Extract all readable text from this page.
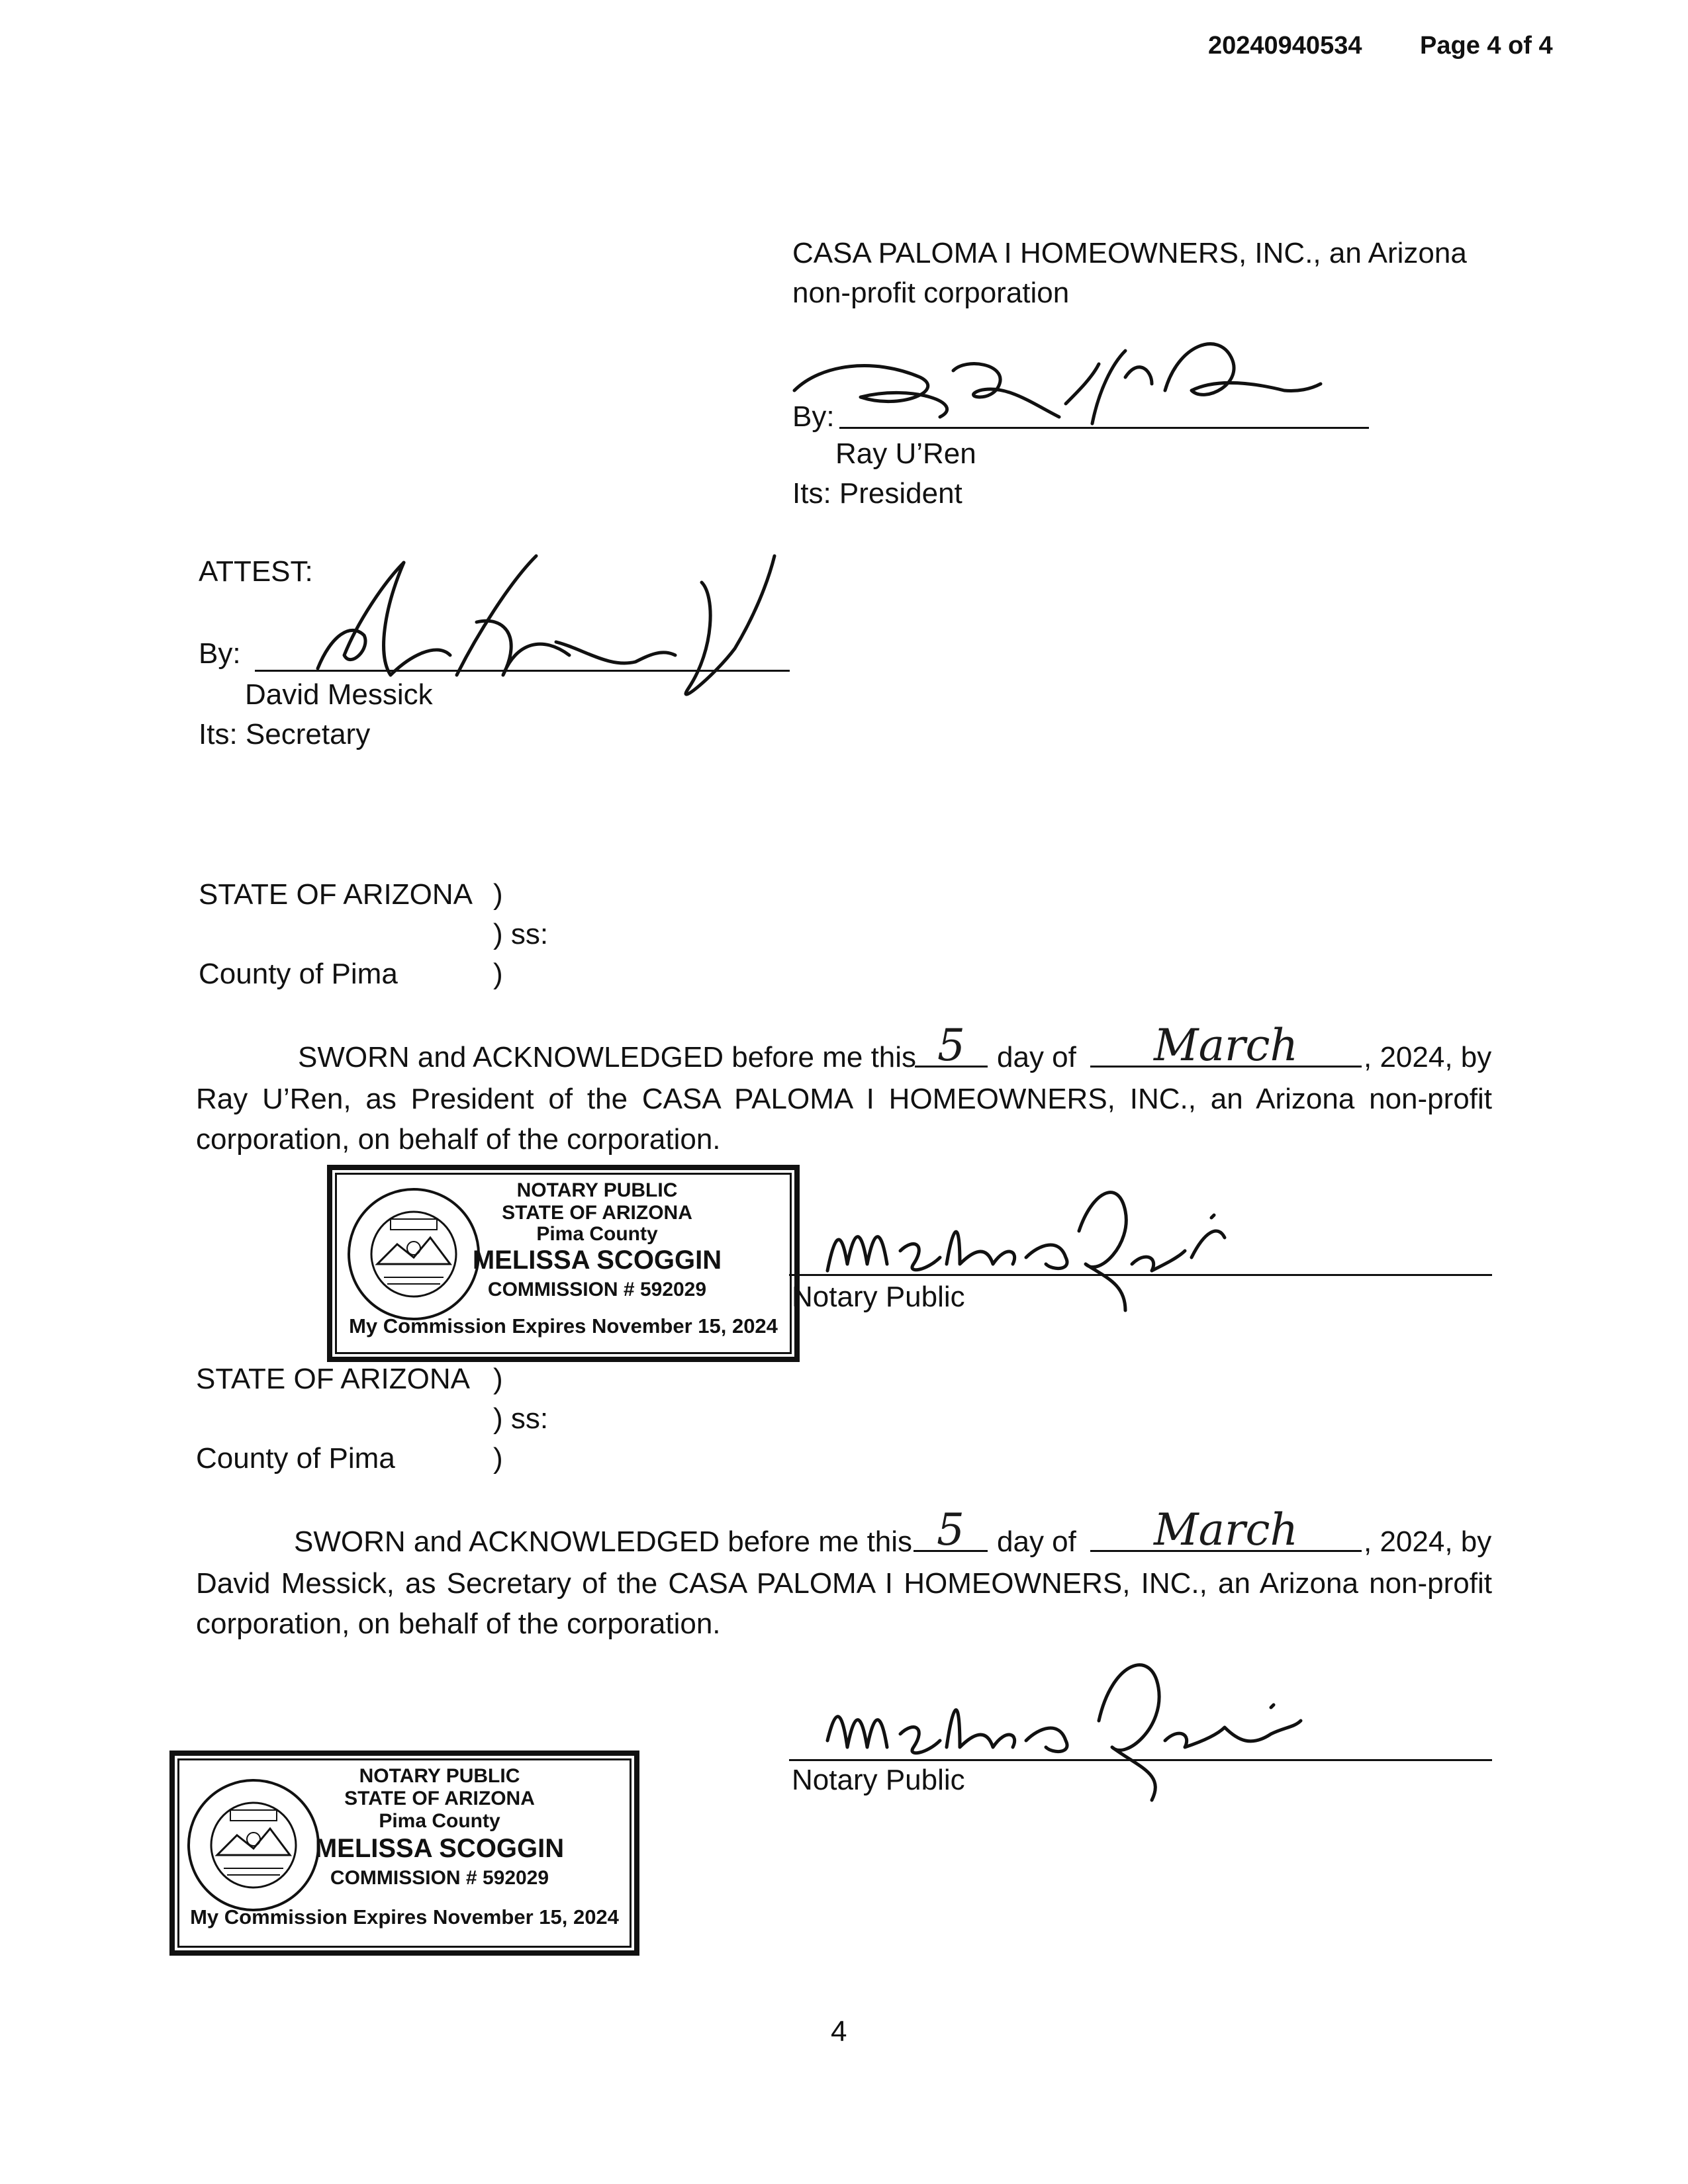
20240940534 Page 4 of 4
CASA PALOMA I HOMEOWNERS, INC., an Arizona
non-profit corporation
By:
Ray U’Ren
Its: President
ATTEST:
By:
David Messick
Its: Secretary
STATE OF ARIZONA )
) ss:
County of Pima	)
SWORN and ACKNOWLEDGED before me this 5	day of	March	, 2024, by
Ray U’Ren, as President of the CASA PALOMA I HOMEOWNERS, INC., an Arizona non-profit
corporation, on behalf of the corporation.
NOTARY PUBLIC
STATE OF ARIZONA
Pima County
MELISSA SCOGGIN
COMMISSION # 592029
My Commission Expires November 15, 2024
Notary Public
STATE OF ARIZONA )
) ss:
County of Pima	)
SWORN and ACKNOWLEDGED before me this 5	day of	March	, 2024, by
David Messick, as Secretary of the CASA PALOMA I HOMEOWNERS, INC., an Arizona non-profit
corporation, on behalf of the corporation.
Notary Public
NOTARY PUBLIC
STATE OF ARIZONA
Pima County
MELISSA SCOGGIN
COMMISSION # 592029
My Commission Expires November 15, 2024
4
